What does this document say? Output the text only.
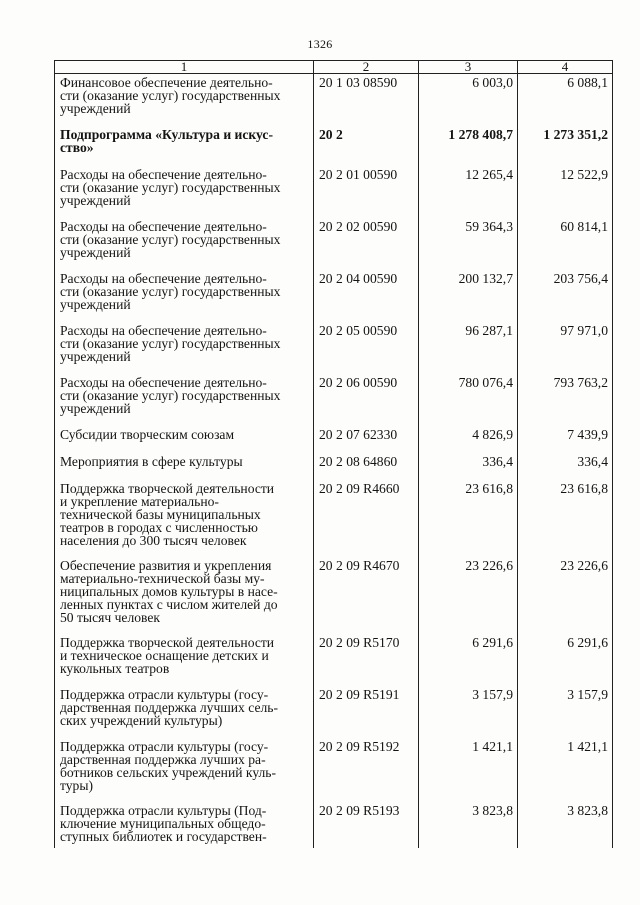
1326
1	2	3	4

Финансовое обеспечение деятельно-
сти (оказание услуг) государственных
учреждений	20 1 03 08590	6 003,0	6 088,1

Подпрограмма «Культура и искус-
ство»	20 2	1 278 408,7	1 273 351,2

Расходы на обеспечение деятельно-
сти (оказание услуг) государственных
учреждений	20 2 01 00590	12 265,4	12 522,9

Расходы на обеспечение деятельно-
сти (оказание услуг) государственных
учреждений	20 2 02 00590	59 364,3	60 814,1

Расходы на обеспечение деятельно-
сти (оказание услуг) государственных
учреждений	20 2 04 00590	200 132,7	203 756,4

Расходы на обеспечение деятельно-
сти (оказание услуг) государственных
учреждений	20 2 05 00590	96 287,1	97 971,0

Расходы на обеспечение деятельно-
сти (оказание услуг) государственных
учреждений	20 2 06 00590	780 076,4	793 763,2

Субсидии творческим союзам	20 2 07 62330	4 826,9	7 439,9

Мероприятия в сфере культуры	20 2 08 64860	336,4	336,4

Поддержка творческой деятельности
и укрепление материально-
технической базы муниципальных
театров в городах с численностью
населения до 300 тысяч человек	20 2 09 R4660	23 616,8	23 616,8

Обеспечение развития и укрепления
материально-технической базы му-
ниципальных домов культуры в насе-
ленных пунктах с числом жителей до
50 тысяч человек	20 2 09 R4670	23 226,6	23 226,6

Поддержка творческой деятельности
и техническое оснащение детских и
кукольных театров	20 2 09 R5170	6 291,6	6 291,6

Поддержка отрасли культуры (госу-
дарственная поддержка лучших сель-
ских учреждений культуры)	20 2 09 R5191	3 157,9	3 157,9

Поддержка отрасли культуры (госу-
дарственная поддержка лучших ра-
ботников сельских учреждений куль-
туры)	20 2 09 R5192	1 421,1	1 421,1

Поддержка отрасли культуры (Под-
ключение муниципальных общедо-
ступных библиотек и государствен-	20 2 09 R5193	3 823,8	3 823,8
